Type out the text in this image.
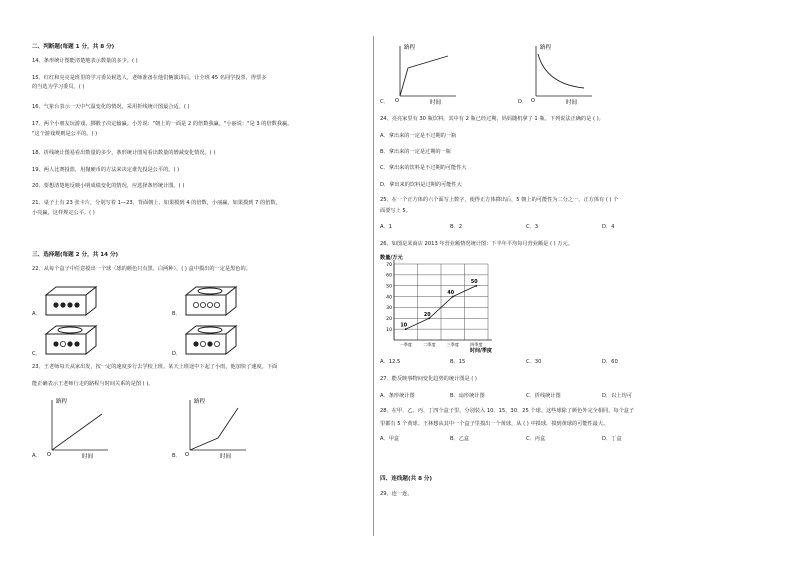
二、判断题(每题 1 分，共 8 分)

14、条形统计图能清楚地表示数量的多少。( )

15、红红和亮亮是班里的学习委员候选人，老师准备在他们俩演讲后，让全班 45 名同学投票，得票多

的当选为学习委员。( )

16、气象台表示一天中气温变化的情况，采用折线统计图最合适。( )

17、两个小朋友玩游戏，掷骰子决定输赢。小芳说："朝上的一面是 2 的倍数我赢。"小丽说："是 3 的倍数我赢。

"这个游戏规则是公平的。( )

18、折线统计图易看出数量的多少，条形统计图易看出数量的增减变化情况。( )

19、两人比赛投篮，用抛硬币的方法来决定谁先投是公平的。( )

20、要想清楚地反映小明成绩变化的情况，应选择条形统计图。( )

21、桌子上有 23 张卡片，分别写着 1—23，背面朝上，如果摸到 4 的倍数，小丽赢，如果摸到 7 的倍数，

小亮赢，这样规定公平。( )

三、选择题(每题 2 分，共 14 分)

22、从每个盒子中任意摸出一个球（球的颜色只有黑、白两种），( ) 盒中摸出的一定是黑色的。

A．	B．
C．	D．

23、王老师每天从家出发，按一定的速度步行去学校上班。某天上班途中下起了小雨，他加快了速度。下面

能正确表示王老师行走的路程与时间关系的是图 ( )。

A．
路程
时间
O	B．
路程
时间
O
C．
路程
时间
O	D．
路程
时间
O

24、亮亮家里有 30 瓶饮料，其中有 2 瓶已经过期，妈妈随机拿了 1 瓶。下列说法正确的是 ( )。

A．拿出来的一定是不过期的一瓶

B．拿出来的一定是过期的一瓶

C．拿出来的饮料是不过期的可能性大

D．拿出来的饮料是过期的可能性大

25、在一个正方体的六个面写上数字，使得正方体掷出后，5 朝上的可能性为二分之一，正方体有 ( ) 个

面要写上 5。

A．1	B．2	C．3	D．4

26、如图是某商店 2013 年营业额情况统计图：下半年平均每月营业额是 ( ) 万元。

数量/万元
时间/季度
10
20
30
40
50
60
70
一季度	二季度	三季度	四季度
10
20
40
50

A．12.5	B．15	C．30	D．60

27、能反映事物间变化趋势的统计图是 ( )

A．条形统计图	B．扇形统计图	C．折线统计图	D．以上均可

28、在甲、乙、丙、丁四个盒子里，分别装入 10、15、30、25 个球。这些球除了颜色外完全相同，每个盒子

里都有 5 个黄球。王林想从其中一个盒子里摸出一个黄球，从 ( ) 中摸球，摸到黄球的可能性最大。

A．甲盒	B．乙盒	C．丙盒	D．丁盒

四、连线题(共 8 分)

29、连一连。
